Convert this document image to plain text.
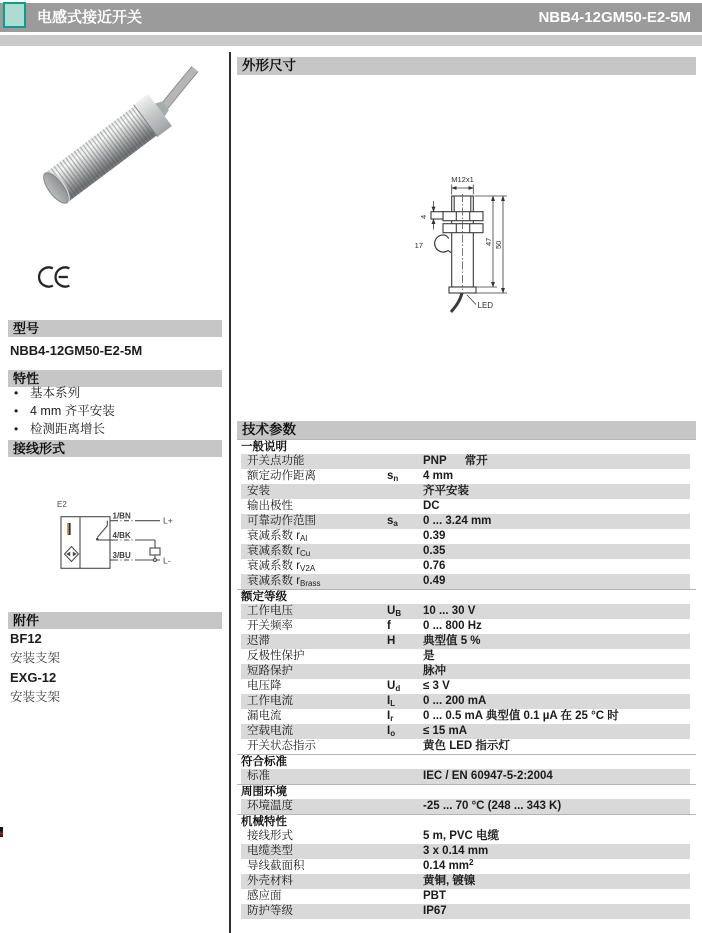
电感式接近开关	NBB4-12GM50-E2-5M
型号
NBB4-12GM50-E2-5M
特性
• 基本系列
• 4 mm 齐平安装
• 检测距离增长
接线形式
E2
1/BN
4/BK
3/BU
L+
L-
附件
BF12
安装支架
EXG-12
安装支架
外形尺寸
M12x1
4
17	47 50
LED
技术参数
一般说明
开关点功能	PNP 常开
额定动作距离	$s_n$	4 mm
安装	齐平安装
输出极性	DC
可靠动作范围	$s_a$	0 ... 3.24 mm
衰减系数 $r_{Al}$	0.39
衰减系数 $r_{Cu}$	0.35
衰减系数 $r_{V2A}$	0.76
衰减系数 $r_{Brass}$	0.49
额定等级
工作电压	$U_B$	10 ... 30 V
开关频率	f	0 ... 800 Hz
迟滞	H	典型值 5 %
反极性保护	是
短路保护	脉冲
电压降	$U_d$	≤ 3 V
工作电流	$I_L$	0 ... 200 mA
漏电流	$I_r$	0 ... 0.5 mA 典型值 0.1 µA 在 25 °C 时
空载电流	$I_o$	≤ 15 mA
开关状态指示	黄色 LED 指示灯
符合标准
标准	IEC / EN 60947-5-2:2004
周围环境
环境温度	-25 ... 70 °C (248 ... 343 K)
机械特性
接线形式	5 m, PVC 电缆
电缆类型	3 x 0.14 mm
导线截面积	0.14 $mm^2$
外壳材料	黄铜, 镀镍
感应面	PBT
防护等级	IP67
